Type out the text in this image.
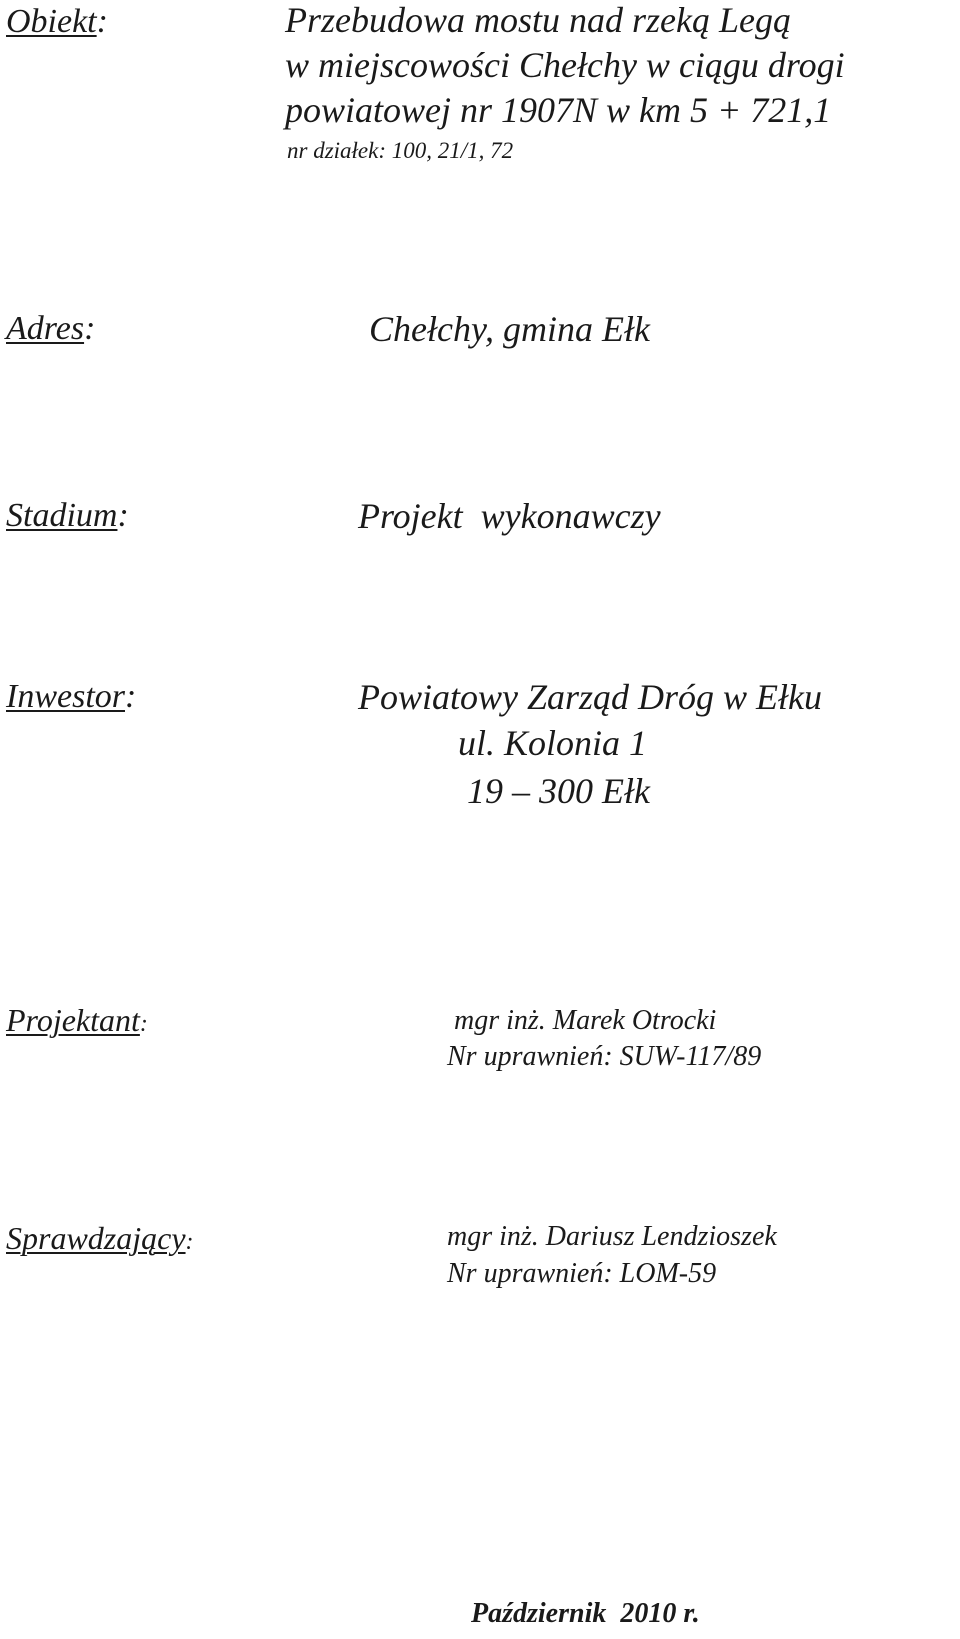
Obiekt:	Przebudowa mostu nad rzeką Legą
w miejscowości Chełchy w ciągu drogi
powiatowej nr 1907N w km 5 + 721,1
nr działek: 100, 21/1, 72
Adres:	Chełchy, gmina Ełk
Stadium:	Projekt  wykonawczy
Inwestor:	Powiatowy Zarząd Dróg w Ełku
ul. Kolonia 1
19 – 300 Ełk
Projektant:	mgr inż. Marek Otrocki
Nr uprawnień: SUW-117/89
Sprawdzający:	mgr inż. Dariusz Lendzioszek
Nr uprawnień: LOM-59
Październik  2010 r.
